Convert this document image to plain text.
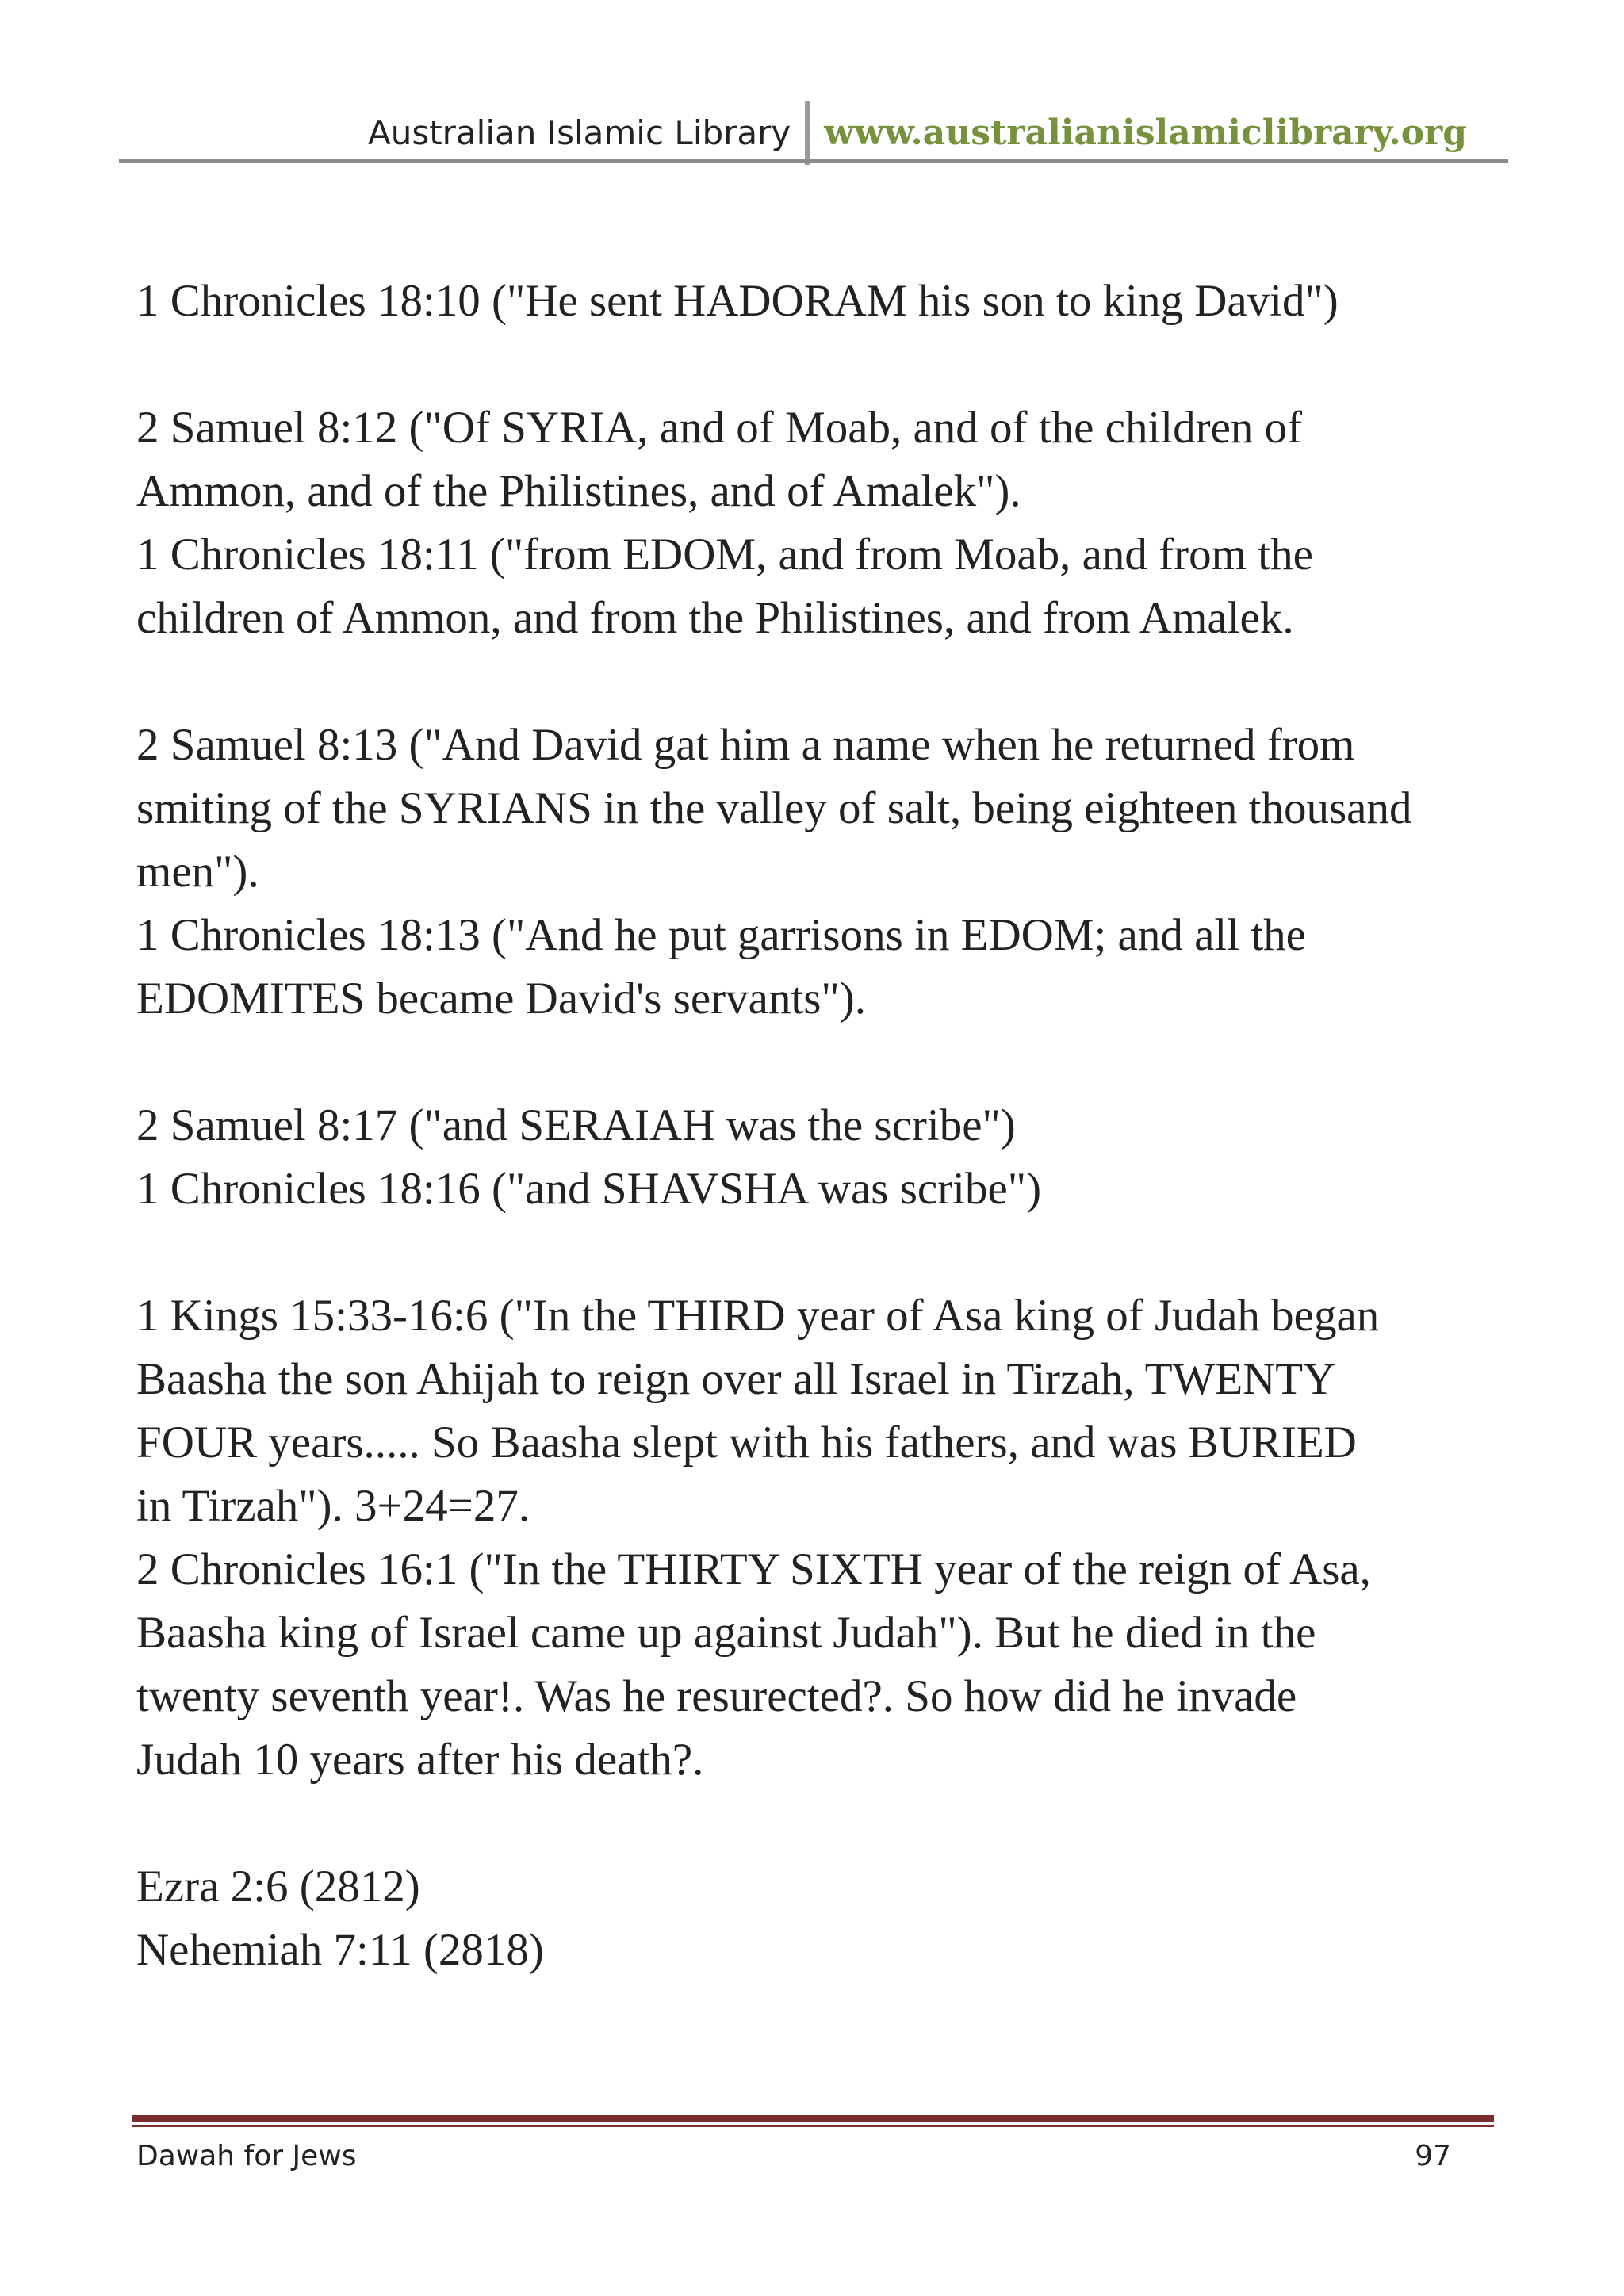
Australian Islamic Library www.australianislamiclibrary.org

1 Chronicles 18:10 ("He sent HADORAM his son to king David")

2 Samuel 8:12 ("Of SYRIA, and of Moab, and of the children of

Ammon, and of the Philistines, and of Amalek").

1 Chronicles 18:11 ("from EDOM, and from Moab, and from the

children of Ammon, and from the Philistines, and from Amalek.

2 Samuel 8:13 ("And David gat him a name when he returned from

smiting of the SYRIANS in the valley of salt, being eighteen thousand

men").

1 Chronicles 18:13 ("And he put garrisons in EDOM; and all the

EDOMITES became David's servants").

2 Samuel 8:17 ("and SERAIAH was the scribe")

1 Chronicles 18:16 ("and SHAVSHA was scribe")

1 Kings 15:33-16:6 ("In the THIRD year of Asa king of Judah began

Baasha the son Ahijah to reign over all Israel in Tirzah, TWENTY

FOUR years..... So Baasha slept with his fathers, and was BURIED

in Tirzah"). 3+24=27.

2 Chronicles 16:1 ("In the THIRTY SIXTH year of the reign of Asa,

Baasha king of Israel came up against Judah"). But he died in the

twenty seventh year!. Was he resurected?. So how did he invade

Judah 10 years after his death?.

Ezra 2:6 (2812)

Nehemiah 7:11 (2818)

Dawah for Jews	97
